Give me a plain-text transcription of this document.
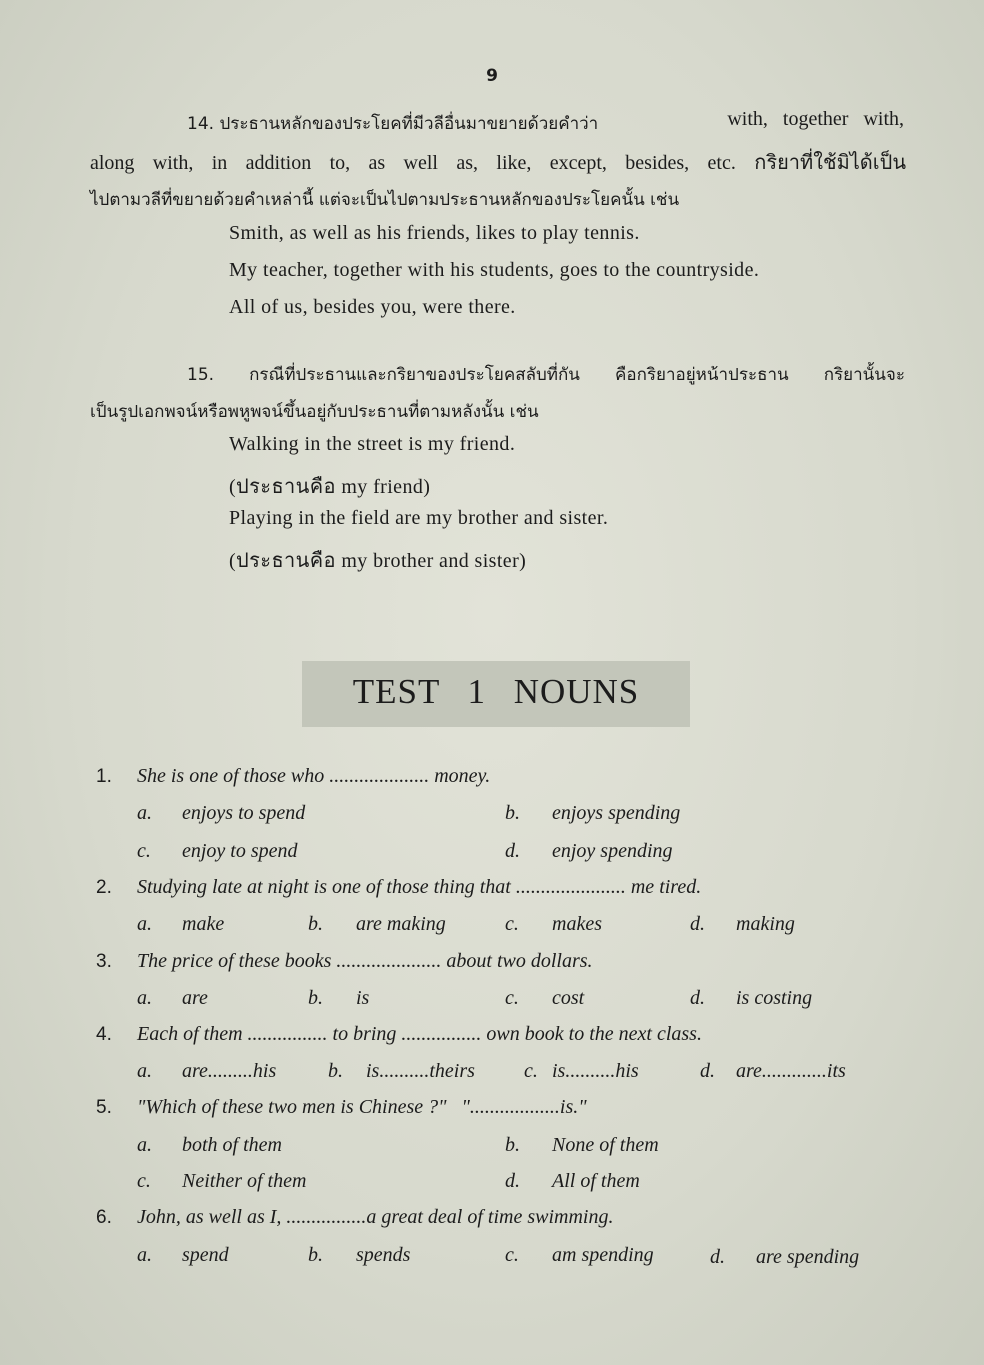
9
14. ประธานหลักของประโยคที่มีวลีอื่นมาขยายด้วยคำว่า	with,   together   with,
along with, in addition to, as well as, like, except, besides, etc. กริยาที่ใช้มิได้เป็น
ไปตามวลีที่ขยายด้วยคำเหล่านี้ แต่จะเป็นไปตามประธานหลักของประโยคนั้น เช่น
Smith, as well as his friends, likes to play tennis.
My teacher, together with his students, goes to the countryside.
All of us, besides you, were there.
15. กรณีที่ประธานและกริยาของประโยคสลับที่กัน คือกริยาอยู่หน้าประธาน กริยานั้นจะ
เป็นรูปเอกพจน์หรือพหูพจน์ขึ้นอยู่กับประธานที่ตามหลังนั้น เช่น
Walking in the street is my friend.
(ประธานคือ my friend)
Playing in the field are my brother and sister.
(ประธานคือ my brother and sister)
TEST 1 NOUNS
1. She is one of those who .................... money.
a. enjoys to spend	b. enjoys spending
c. enjoy to spend	d. enjoy spending
2. Studying late at night is one of those thing that ...................... me tired.
a. make	b. are making	c. makes	d. making
3. The price of these books ..................... about two dollars.
a. are	b. is	c. cost	d. is costing
4. Each of them ................ to bring ................ own book to the next class.
a. are.........his	b. is..........theirs c. is..........his	d. are.............its
5. "Which of these two men is Chinese ?"   "..................is."
a. both of them	b. None of them
c. Neither of them	d. All of them
6. John, as well as I, ................a great deal of time swimming.
a. spend	b. spends	c. am spending	d. are spending
